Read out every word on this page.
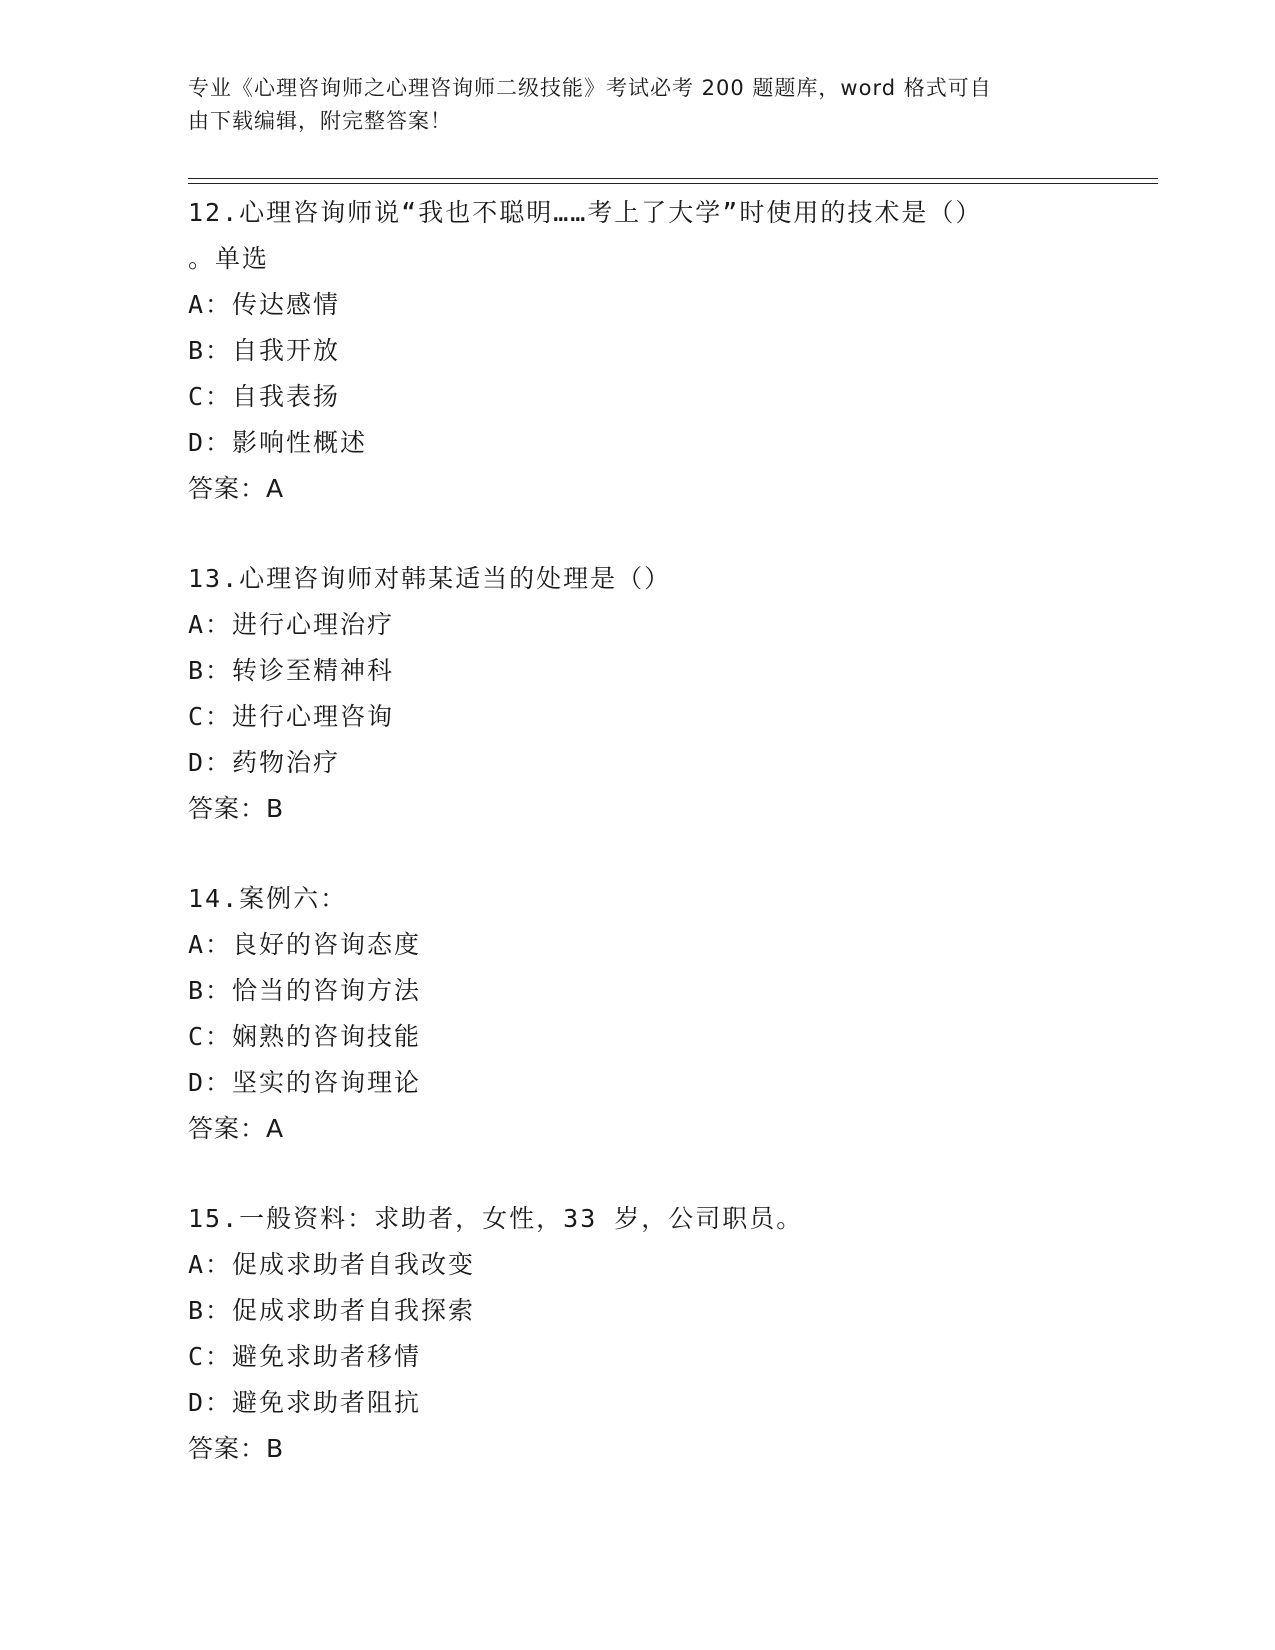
专业《心理咨询师之心理咨询师二级技能》考试必考 200 题题库，word 格式可自
由下载编辑，附完整答案！
12.心理咨询师说“我也不聪明……考上了大学”时使用的技术是（）
。单选
A：传达感情
B：自我开放
C：自我表扬
D：影响性概述
答案：A
13.心理咨询师对韩某适当的处理是（）
A：进行心理治疗
B：转诊至精神科
C：进行心理咨询
D：药物治疗
答案：B
14.案例六：
A：良好的咨询态度
B：恰当的咨询方法
C：娴熟的咨询技能
D：坚实的咨询理论
答案：A
15.一般资料：求助者，女性，33 岁，公司职员。
A：促成求助者自我改变
B：促成求助者自我探索
C：避免求助者移情
D：避免求助者阻抗
答案：B
